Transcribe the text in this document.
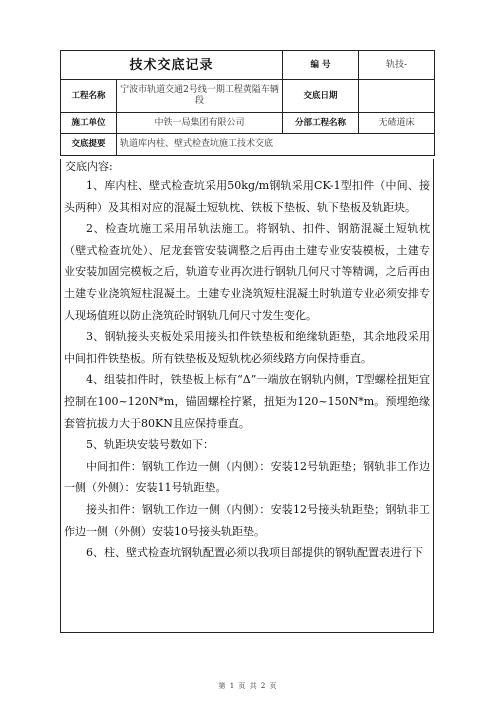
技术交底记录		编 号	轨技-
工程名称	宁波市轨道交通2号线一期工程黄隘车辆段	交底日期	
施工单位	中铁一局集团有限公司	分部工程名称	无碴道床
交底提要	轨道库内柱、壁式检查坑施工技术交底		
交底内容:

1、库内柱、壁式检查坑采用50kg/m钢轨采用CK-1型扣件（中间、接头两种）及其相对应的混凝土短轨枕、铁板下垫板、轨下垫板及轨距块。

2、检查坑施工采用吊轨法施工。将钢轨、扣件、钢筋混凝土短轨枕（壁式检查坑处）、尼龙套管安装调整之后再由土建专业安装模板，土建专业安装加固完模板之后，轨道专业再次进行钢轨几何尺寸等精调，之后再由土建专业浇筑短柱混凝土。土建专业浇筑短柱混凝土时轨道专业必须安排专人现场值班以防止浇筑砼时钢轨几何尺寸发生变化。

3、钢轨接头夹板处采用接头扣件铁垫板和绝缘轨距垫，其余地段采用中间扣件铁垫板。所有铁垫板及短轨枕必须线路方向保持垂直。

4、组装扣件时，铁垫板上标有“Δ”一端放在钢轨内侧，T型螺栓扭矩宜控制在100~120N*m，锚固螺栓拧紧，扭矩为120~150N*m。预埋绝缘套管抗拔力大于80KN且应保持垂直。

5、轨距块安装号数如下：

中间扣件：钢轨工作边一侧（内侧）：安装12号轨距垫；钢轨非工作边一侧（外侧）：安装11号轨距垫。

接头扣件：钢轨工作边一侧（内侧）：安装12号接头轨距垫；钢轨非工作边一侧（外侧）安装10号接头轨距垫。

6、柱、壁式检查坑钢轨配置必须以我项目部提供的钢轨配置表进行下

第 1 页 共 2 页
